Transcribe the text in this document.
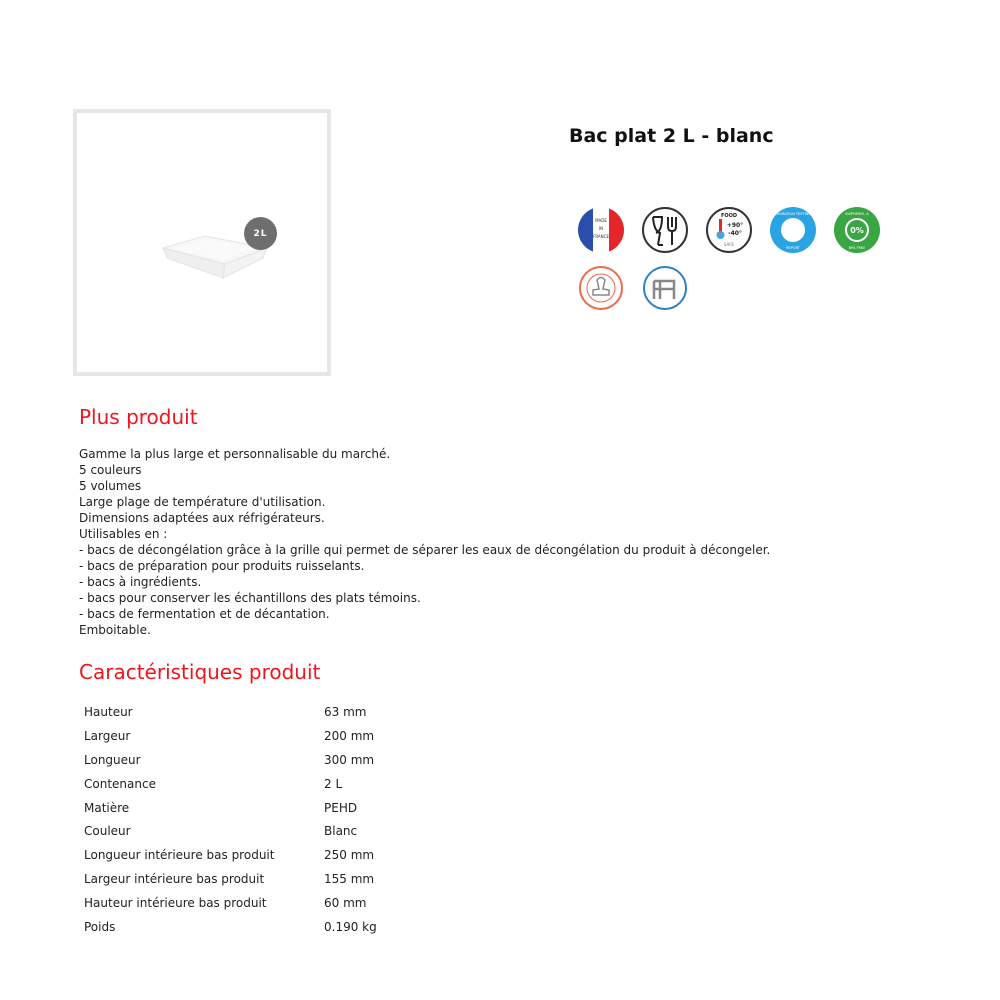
2L
Bac plat 2 L - blanc
MADE
IN
FRANCE
FOOD
+90°
-40°
SAFE
MIGRATION TESTING
REPORT
0%
BISPHENOL A
BPA FREE
Plus produit
Gamme la plus large et personnalisable du marché.
5 couleurs
5 volumes
Large plage de température d'utilisation.
Dimensions adaptées aux réfrigérateurs.
Utilisables en :
- bacs de décongélation grâce à la grille qui permet de séparer les eaux de décongélation du produit à décongeler.
- bacs de préparation pour produits ruisselants.
- bacs à ingrédients.
- bacs pour conserver les échantillons des plats témoins.
- bacs de fermentation et de décantation.
Emboitable.
Caractéristiques produit
Hauteur	63 mm
Largeur	200 mm
Longueur	300 mm
Contenance	2 L
Matière	PEHD
Couleur	Blanc
Longueur intérieure bas produit	250 mm
Largeur intérieure bas produit	155 mm
Hauteur intérieure bas produit	60 mm
Poids	0.190 kg
